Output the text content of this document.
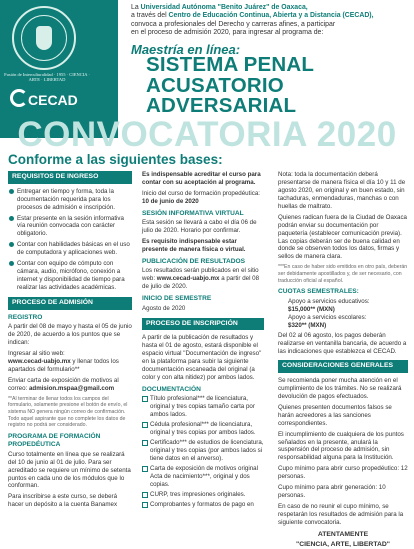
Fusión de Interculturalidad · 1955 · CIENCIA · ARTE · LIBERTAD
CECAD
La Universidad Autónoma "Benito Juárez" de Oaxaca,
a través del Centro de Educación Continua, Abierta y a Distancia (CECAD),
convoca a profesionales del Derecho y carreras afines, a participar
en el proceso de admisión 2020, para ingresar al programa de:
Maestría en línea:
SISTEMA PENAL
ACUSATORIO
ADVERSARIAL
CONVOCATORIA 2020
Conforme a las siguientes bases:
REQUISITOS DE INGRESO
Entregar en tiempo y forma, toda la documentación requerida para los procesos de admisión e inscripción.
Estar presente en la sesión informativa vía reunión convocada con carácter obligatorio.
Contar con habilidades básicas en el uso de computadora y aplicaciones web.
Contar con equipo de cómputo con cámara, audio, micrófono, conexión a internet y disponibilidad de tiempo para realizar las actividades académicas.
PROCESO DE ADMISIÓN
REGISTRO
A partir del 08 de mayo y hasta el 05 de junio de 2020, de acuerdo a los puntos que se indican:
Ingresar al sitio web:
www.cecad-uabjo.mx y llenar todos los apartados del formulario**
Enviar carta de exposición de motivos al correo: admision.mspaa@gmail.com
**Al terminar de llenar todos los campos del formulario, solamente presione el botón de envío, el sistema NO genera ningún correo de confirmación. Todo aquel aspirante que no complete los datos de registro no podrá ser considerado.
PROGRAMA DE FORMACIÓN PROPEDÉUTICA
Curso totalmente en línea que se realizará del 10 de junio al 01 de julio. Para ser acreditado se requiere un mínimo de setenta puntos en cada uno de los módulos que lo conforman.
Para inscribirse a este curso, se deberá hacer un depósito a la cuenta Banamex
Es indispensable acreditar el curso para contar con su aceptación al programa.
Inicio del curso de formación propedéutica: 10 de junio de 2020
SESIÓN INFORMATIVA VIRTUAL
Esta sesión se llevará a cabo el día 06 de julio de 2020. Horario por confirmar.
Es requisito indispensable estar presente de manera física o virtual.
PUBLICACIÓN DE RESULTADOS
Los resultados serán publicados en el sitio web: www.cecad-uabjo.mx a partir del 08 de julio de 2020.
INICIO DE SEMESTRE
Agosto de 2020
PROCESO DE INSCRIPCIÓN
A partir de la publicación de resultados y hasta el 01 de agosto, estará disponible el espacio virtual "Documentación de ingreso" en la plataforma para subir la siguiente documentación escaneada del original (a color y con alta nitidez) por ambos lados.
DOCUMENTACIÓN
Título profesional*** de licenciatura, original y tres copias tamaño carta por ambos lados.
Cédula profesional*** de licenciatura, original y tres copias por ambos lados.
Certificado*** de estudios de licenciatura, original y tres copias (por ambos lados si tiene datos en el anverso).
Carta de exposición de motivos original Acta de nacimiento***, original y dos copias.
CURP, tres impresiones originales.
Comprobantes y formatos de pago en
Nota: toda la documentación deberá presentarse de manera física el día 10 y 11 de agosto 2020, en original y en buen estado, sin tachaduras, enmendaduras, manchas o con huellas de maltrato.
Quienes radican fuera de la Ciudad de Oaxaca podrán enviar su documentación por paquetería (establecer comunicación previa). Las copias deberán ser de buena calidad en donde se observen todos los datos, firmas y sellos de manera clara.
***En caso de haber sido emitidos en otro país, deberán ser debidamente apostillados y, de ser necesario, con traducción oficial al español.
CUOTAS SEMESTRALES:
Apoyo a servicios educativos:
$15,000** (MXN)
Apoyo a servicios escolares:
$320** (MXN)
Del 02 al 06 agosto, los pagos deberán realizarse en ventanilla bancaria, de acuerdo a las indicaciones que establezca el CECAD.
CONSIDERACIONES GENERALES
Se recomienda poner mucha atención en el cumplimiento de los trámites. No se realizará devolución de pagos efectuados.
Quienes presenten documentos falsos se harán acreedores a las sanciones correspondientes.
El incumplimiento de cualquiera de los puntos señalados en la presente, anulará la suspensión del proceso de admisión, sin responsabilidad alguna para la Institución.
Cupo mínimo para abrir curso propedéutico: 12 personas.
Cupo mínimo para abrir generación: 10 personas.
En caso de no reunir el cupo mínimo, se respetarán los resultados de admisión para la siguiente convocatoria.
ATENTAMENTE
"CIENCIA, ARTE, LIBERTAD"
